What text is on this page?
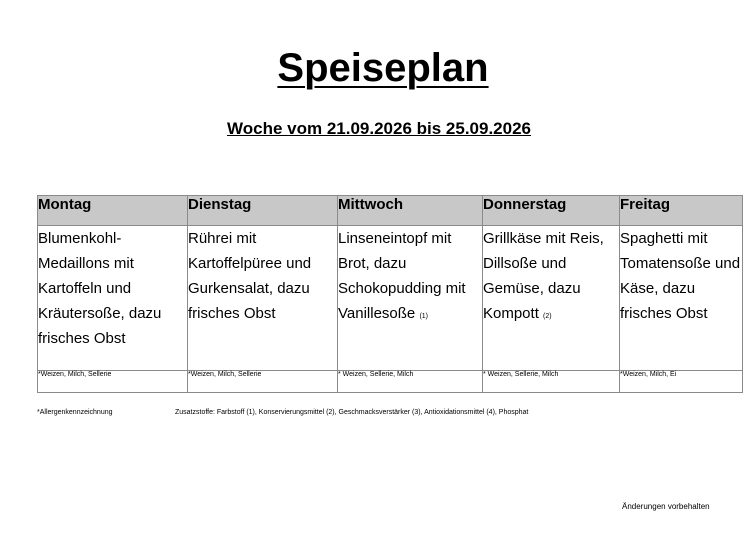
Speiseplan
Woche vom 21.09.2026 bis 25.09.2026
Montag	Dienstag	Mittwoch	Donnerstag	Freitag
Blumenkohl-Medaillons mit Kartoffeln und Kräutersoße, dazu frisches Obst	Rührei mit Kartoffelpüree und Gurkensalat, dazu frisches Obst	Linseneintopf mit Brot, dazu Schokopudding mit Vanillesoße (1)	Grillkäse mit Reis, Dillsoße und Gemüse, dazu Kompott (2)	Spaghetti mit Tomatensoße und Käse, dazu frisches Obst
*Weizen, Milch, Sellerie	*Weizen, Milch, Sellerie	* Weizen, Sellerie, Milch	* Weizen, Sellerie, Milch	*Weizen, Milch, Ei
*Allergenkennzeichnung	Zusatzstoffe: Farbstoff (1), Konservierungsmittel (2), Geschmacksverstärker (3), Antioxidationsmittel (4), Phosphat
Änderungen vorbehalten
